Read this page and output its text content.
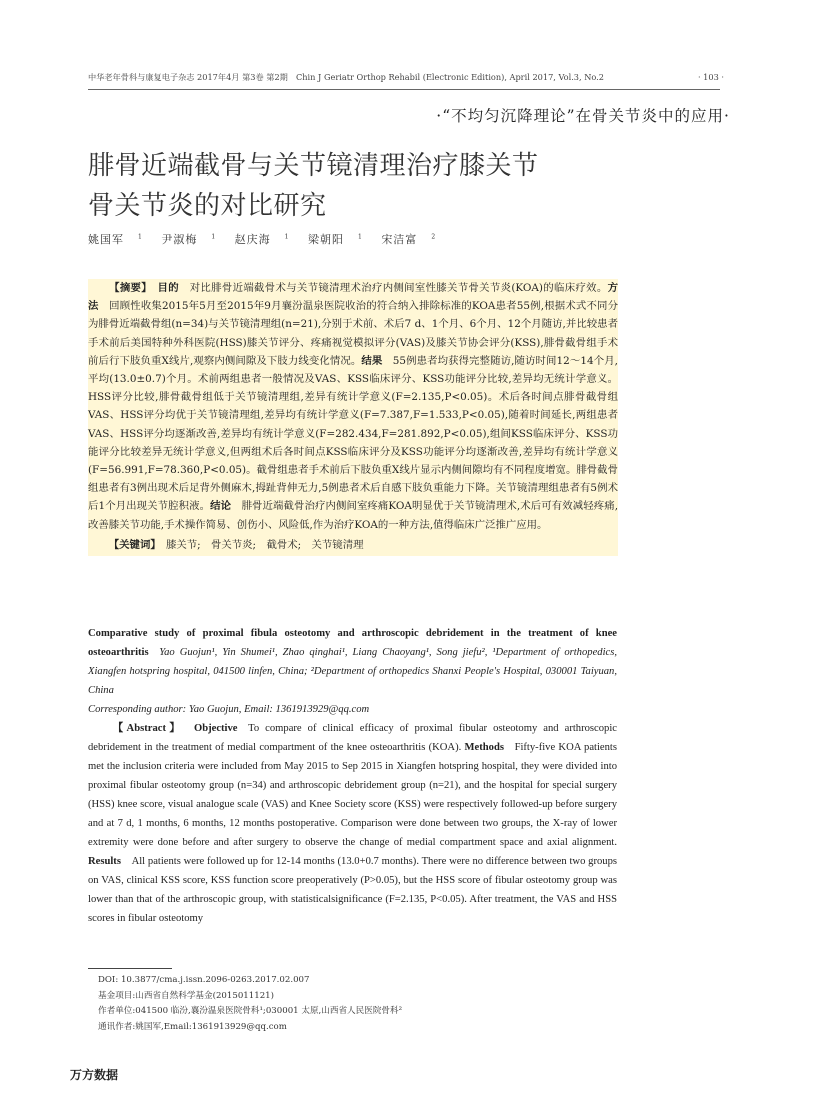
中华老年骨科与康复电子杂志 2017年4月 第3卷 第2期　Chin J Geriatr Orthop Rehabil (Electronic Edition), April 2017, Vol.3, No.2	· 103 ·
·“不均匀沉降理论”在骨关节炎中的应用·
腓骨近端截骨与关节镜清理治疗膝关节
骨关节炎的对比研究
姚国军 $^1$ 尹淑梅 $^1$ 赵庆海 $^1$ 梁朝阳 $^1$ 宋洁富 $^2$

  【摘要】  目的  对比腓骨近端截骨术与关节镜清理术治疗内侧间室性膝关节骨关节炎(KOA)的临床疗效。方法  回顾性收集2015年5月至2015年9月襄汾温泉医院收治的符合纳入排除标准的KOA患者55例,根据术式不同分为腓骨近端截骨组(n=34)与关节镜清理组(n=21),分别于术前、术后7 d、1个月、6个月、12个月随访,并比较患者手术前后美国特种外科医院(HSS)膝关节评分、疼痛视觉模拟评分(VAS)及膝关节协会评分(KSS),腓骨截骨组手术前后行下肢负重X线片,观察内侧间隙及下肢力线变化情况。结果  55例患者均获得完整随访,随访时间12～14个月,平均(13.0±0.7)个月。术前两组患者一般情况及VAS、KSS临床评分、KSS功能评分比较,差异均无统计学意义。HSS评分比较,腓骨截骨组低于关节镜清理组,差异有统计学意义(F=2.135,P<0.05)。术后各时间点腓骨截骨组VAS、HSS评分均优于关节镜清理组,差异均有统计学意义(F=7.387,F=1.533,P<0.05),随着时间延长,两组患者VAS、HSS评分均逐渐改善,差异均有统计学意义(F=282.434,F=281.892,P<0.05),组间KSS临床评分、KSS功能评分比较差异无统计学意义,但两组术后各时间点KSS临床评分及KSS功能评分均逐渐改善,差异均有统计学意义(F=56.991,F=78.360,P<0.05)。截骨组患者手术前后下肢负重X线片显示内侧间隙均有不同程度增宽。腓骨截骨组患者有3例出现术后足背外侧麻木,拇趾背伸无力,5例患者术后自感下肢负重能力下降。关节镜清理组患者有5例术后1个月出现关节腔积液。结论  腓骨近端截骨治疗内侧间室疼痛KOA明显优于关节镜清理术,术后可有效减轻疼痛,改善膝关节功能,手术操作简易、创伤小、风险低,作为治疗KOA的一种方法,值得临床广泛推广应用。

  【关键词】  膝关节;　骨关节炎;　截骨术;　关节镜清理

Comparative study of proximal fibula osteotomy and arthroscopic debridement in the treatment of knee osteoarthritis  Yao Guojun¹, Yin Shumei¹, Zhao qinghai¹, Liang Chaoyang¹, Song jiefu², ¹Department of orthopedics, Xiangfen hotspring hospital, 041500 linfen, China; ²Department of orthopedics Shanxi People's Hospital, 030001 Taiyuan, China

Corresponding author: Yao Guojun, Email: 1361913929@qq.com

  【Abstract】  Objective  To compare of clinical efficacy of proximal fibular osteotomy and arthroscopic debridement in the treatment of medial compartment of the knee osteoarthritis (KOA). Methods  Fifty-five KOA patients met the inclusion criteria were included from May 2015 to Sep 2015 in Xiangfen hotspring hospital, they were divided into proximal fibular osteotomy group (n=34) and arthroscopic debridement group (n=21), and the hospital for special surgery (HSS) knee score, visual analogue scale (VAS) and Knee Society score (KSS) were respectively followed-up before surgery and at 7 d, 1 months, 6 months, 12 months postoperative. Comparison were done between two groups, the X-ray of lower extremity were done before and after surgery to observe the change of medial compartment space and axial alignment. Results  All patients were followed up for 12-14 months (13.0+0.7 months). There were no difference between two groups on VAS, clinical KSS score, KSS function score preoperatively (P>0.05), but the HSS score of fibular osteotomy group was lower than that of the arthroscopic group, with statisticalsignificance (F=2.135, P<0.05). After treatment, the VAS and HSS scores in fibular osteotomy

DOI: 10.3877/cma.j.issn.2096-0263.2017.02.007
基金项目:山西省自然科学基金(2015011121)
作者单位:041500 临汾,襄汾温泉医院骨科¹;030001 太原,山西省人民医院骨科²
通讯作者:姚国军,Email:1361913929@qq.com
万方数据
